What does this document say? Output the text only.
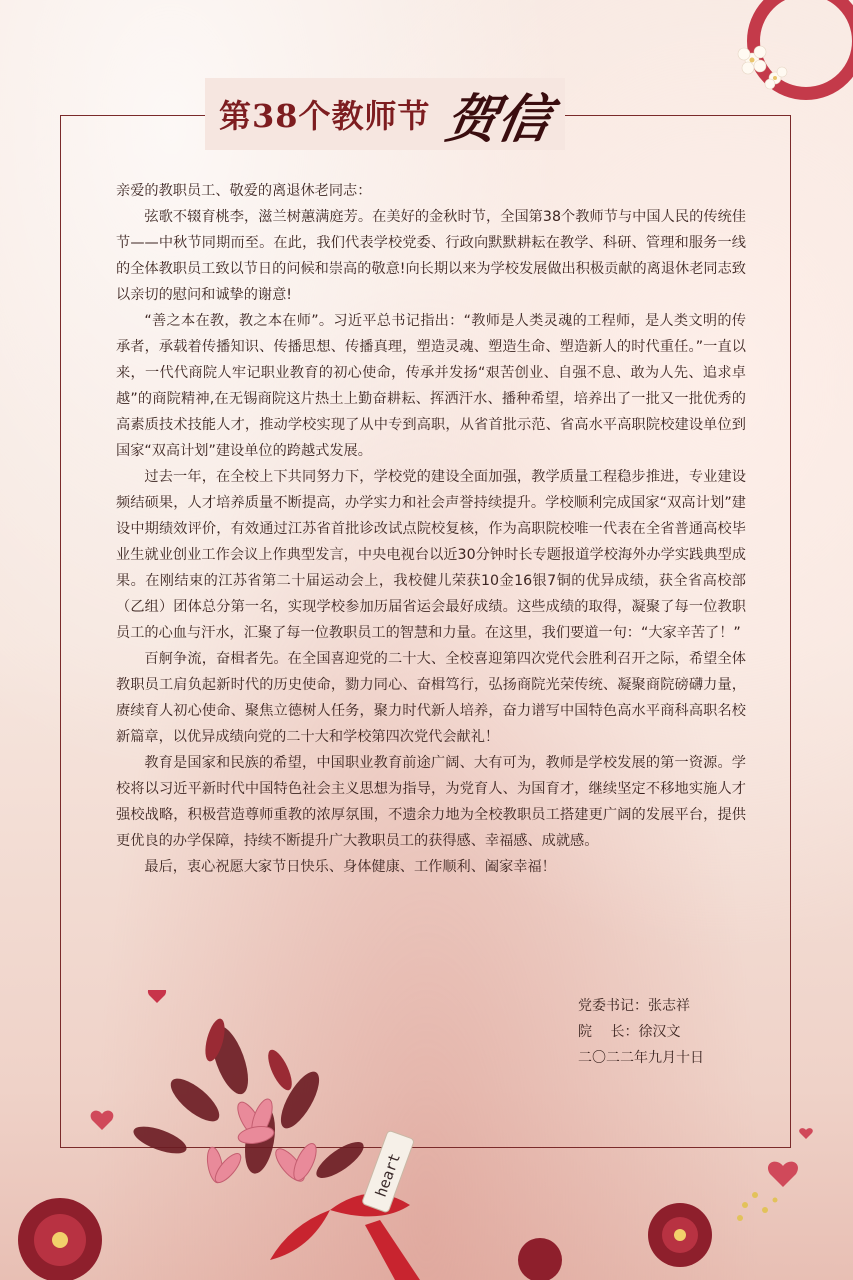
第38个教师节 贺信

亲爱的教职员工、敬爱的离退休老同志：

弦歌不辍育桃李，滋兰树蕙满庭芳。在美好的金秋时节，全国第38个教师节与中国人民的传统佳节——中秋节同期而至。在此，我们代表学校党委、行政向默默耕耘在教学、科研、管理和服务一线的全体教职员工致以节日的问候和崇高的敬意!向长期以来为学校发展做出积极贡献的离退休老同志致以亲切的慰问和诚挚的谢意!

“善之本在教，教之本在师”。习近平总书记指出：“教师是人类灵魂的工程师，是人类文明的传承者，承载着传播知识、传播思想、传播真理，塑造灵魂、塑造生命、塑造新人的时代重任。”一直以来，一代代商院人牢记职业教育的初心使命，传承并发扬“艰苦创业、自强不息、敢为人先、追求卓越”的商院精神,在无锡商院这片热土上勤奋耕耘、挥洒汗水、播种希望，培养出了一批又一批优秀的高素质技术技能人才，推动学校实现了从中专到高职，从省首批示范、省高水平高职院校建设单位到国家“双高计划”建设单位的跨越式发展。

过去一年，在全校上下共同努力下，学校党的建设全面加强，教学质量工程稳步推进，专业建设频结硕果，人才培养质量不断提高，办学实力和社会声誉持续提升。学校顺利完成国家“双高计划”建设中期绩效评价，有效通过江苏省首批诊改试点院校复核，作为高职院校唯一代表在全省普通高校毕业生就业创业工作会议上作典型发言，中央电视台以近30分钟时长专题报道学校海外办学实践典型成果。在刚结束的江苏省第二十届运动会上，我校健儿荣获10金16银7铜的优异成绩，获全省高校部（乙组）团体总分第一名，实现学校参加历届省运会最好成绩。这些成绩的取得，凝聚了每一位教职员工的心血与汗水，汇聚了每一位教职员工的智慧和力量。在这里，我们要道一句：“大家辛苦了！”

百舸争流，奋楫者先。在全国喜迎党的二十大、全校喜迎第四次党代会胜利召开之际，希望全体教职员工肩负起新时代的历史使命，勠力同心、奋楫笃行，弘扬商院光荣传统、凝聚商院磅礴力量，赓续育人初心使命、聚焦立德树人任务，聚力时代新人培养，奋力谱写中国特色高水平商科高职名校新篇章，以优异成绩向党的二十大和学校第四次党代会献礼！

教育是国家和民族的希望，中国职业教育前途广阔、大有可为，教师是学校发展的第一资源。学校将以习近平新时代中国特色社会主义思想为指导，为党育人、为国育才，继续坚定不移地实施人才强校战略，积极营造尊师重教的浓厚氛围，不遗余力地为全校教职员工搭建更广阔的发展平台，提供更优良的办学保障，持续不断提升广大教职员工的获得感、幸福感、成就感。

最后，衷心祝愿大家节日快乐、身体健康、工作顺利、阖家幸福！

党委书记：张志祥
院　 长：徐汉文
二〇二二年九月十日
heart
